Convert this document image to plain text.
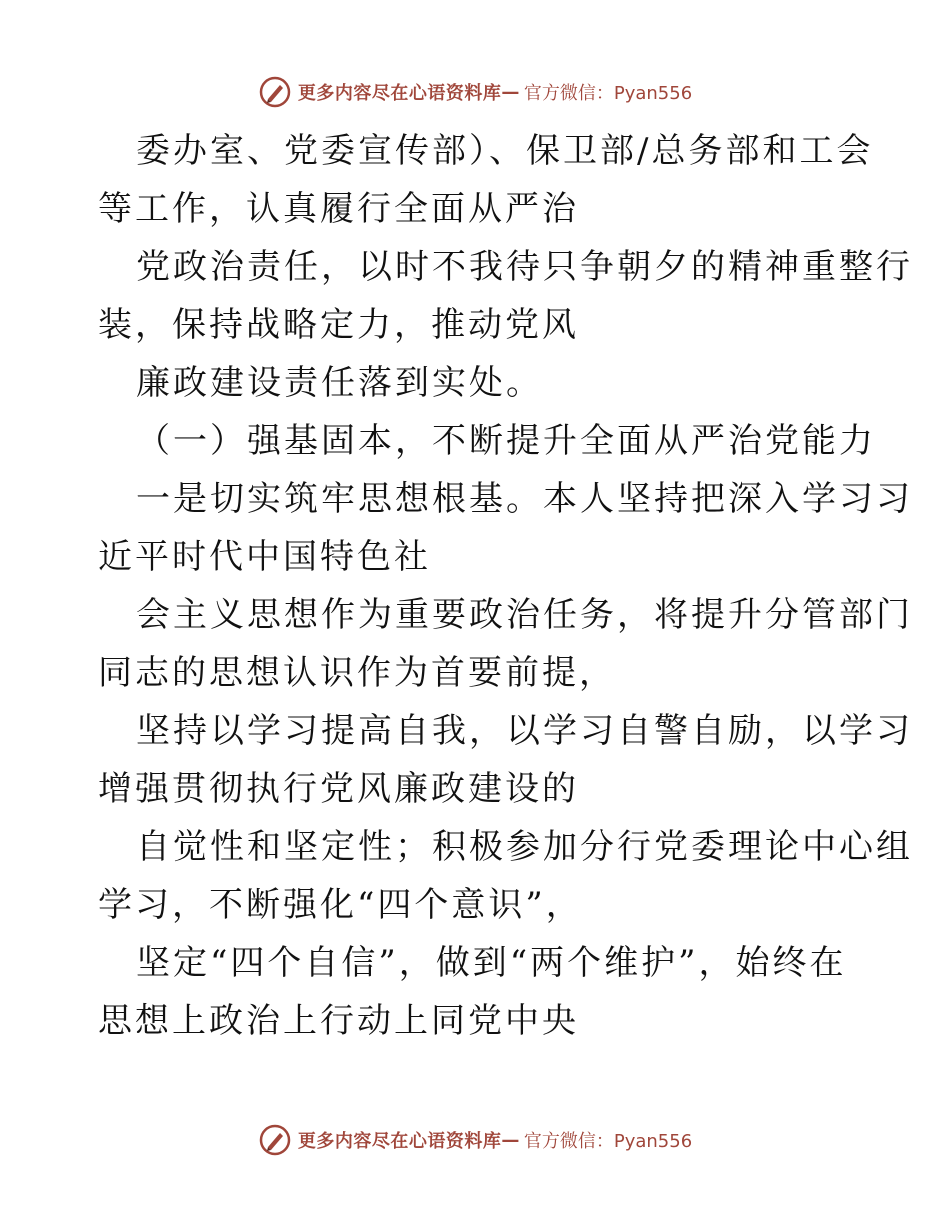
更多内容尽在心语资料库 — 官方微信：Pyan556
委办室、党委宣传部）、保卫部/总务部和工会
等工作，认真履行全面从严治
党政治责任，以时不我待只争朝夕的精神重整行
装，保持战略定力，推动党风
廉政建设责任落到实处。
（一）强基固本，不断提升全面从严治党能力
一是切实筑牢思想根基。本人坚持把深入学习习
近平时代中国特色社
会主义思想作为重要政治任务，将提升分管部门
同志的思想认识作为首要前提，
坚持以学习提高自我，以学习自警自励，以学习
增强贯彻执行党风廉政建设的
自觉性和坚定性；积极参加分行党委理论中心组
学习，不断强化“四个意识”，
坚定“四个自信”，做到“两个维护”，始终在
思想上政治上行动上同党中央
更多内容尽在心语资料库 — 官方微信：Pyan556
